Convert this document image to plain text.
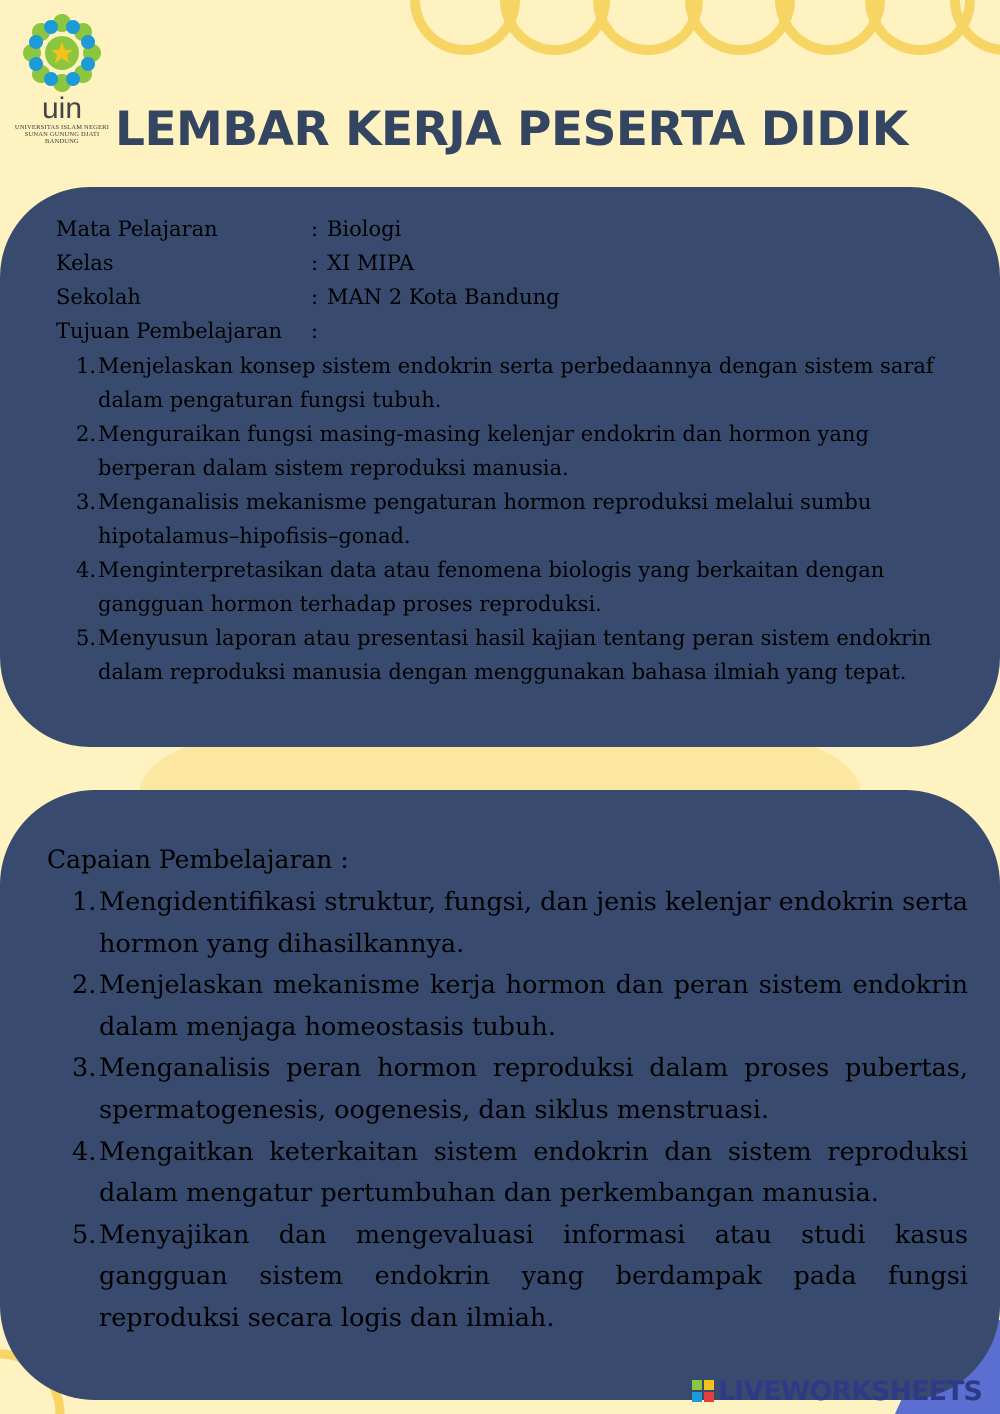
uin
UNIVERSITAS ISLAM NEGERI
SUNAN GUNUNG DJATI
BANDUNG LEMBAR KERJA PESERTA DIDIK
Mata Pelajaran	: Biologi
Kelas	: XI MIPA
Sekolah	: MAN 2 Kota Bandung
Tujuan Pembelajaran :
1. Menjelaskan konsep sistem endokrin serta perbedaannya dengan sistem saraf dalam pengaturan fungsi tubuh.
2. Menguraikan fungsi masing-masing kelenjar endokrin dan hormon yang berperan dalam sistem reproduksi manusia.
3. Menganalisis mekanisme pengaturan hormon reproduksi melalui sumbu hipotalamus–hipofisis–gonad.
4. Menginterpretasikan data atau fenomena biologis yang berkaitan dengan gangguan hormon terhadap proses reproduksi.
5. Menyusun laporan atau presentasi hasil kajian tentang peran sistem endokrin dalam reproduksi manusia dengan menggunakan bahasa ilmiah yang tepat.
Capaian Pembelajaran :
1. Mengidentifikasi struktur, fungsi, dan jenis kelenjar endokrin serta hormon yang dihasilkannya.
2. Menjelaskan mekanisme kerja hormon dan peran sistem endokrin dalam menjaga homeostasis tubuh.
3. Menganalisis peran hormon reproduksi dalam proses pubertas, spermatogenesis, oogenesis, dan siklus menstruasi.
4. Mengaitkan keterkaitan sistem endokrin dan sistem reproduksi dalam mengatur pertumbuhan dan perkembangan manusia.
5. Menyajikan dan mengevaluasi informasi atau studi kasus gangguan sistem endokrin yang berdampak pada fungsi reproduksi secara logis dan ilmiah.
LIVEWORKSHEETS
